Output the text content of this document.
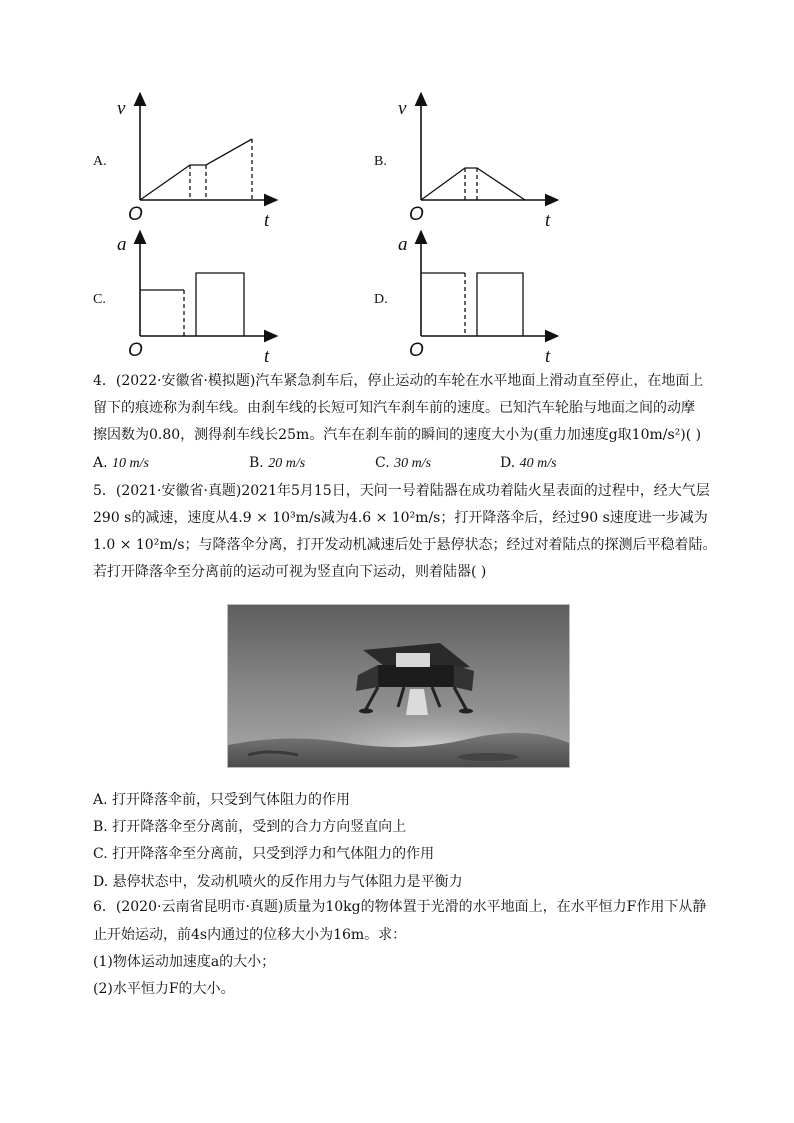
A.
v
t
O
B.
v
t
O
C.
a
t
O
D.
a
t
O
4．(2022·安徽省·模拟题)汽车紧急刹车后，停止运动的车轮在水平地面上滑动直至停止，在地面上
留下的痕迹称为刹车线。由刹车线的长短可知汽车刹车前的速度。已知汽车轮胎与地面之间的动摩
擦因数为0.80，测得刹车线长25m。汽车在刹车前的瞬间的速度大小为(重力加速度g取10m/s²)( )
A. 10 m/s	B. 20 m/s	C. 30 m/s	D. 40 m/s
5．(2021·安徽省·真题)2021年5月15日，天问一号着陆器在成功着陆火星表面的过程中，经大气层
290 s的减速，速度从4.9 × 10³m/s减为4.6 × 10²m/s；打开降落伞后，经过90 s速度进一步减为
1.0 × 10²m/s；与降落伞分离，打开发动机减速后处于悬停状态；经过对着陆点的探测后平稳着陆。
若打开降落伞至分离前的运动可视为竖直向下运动，则着陆器( )
A. 打开降落伞前，只受到气体阻力的作用
B. 打开降落伞至分离前，受到的合力方向竖直向上
C. 打开降落伞至分离前，只受到浮力和气体阻力的作用
D. 悬停状态中，发动机喷火的反作用力与气体阻力是平衡力
6．(2020·云南省昆明市·真题)质量为10kg的物体置于光滑的水平地面上，在水平恒力F作用下从静
止开始运动，前4s内通过的位移大小为16m。求：
(1)物体运动加速度a的大小；
(2)水平恒力F的大小。
